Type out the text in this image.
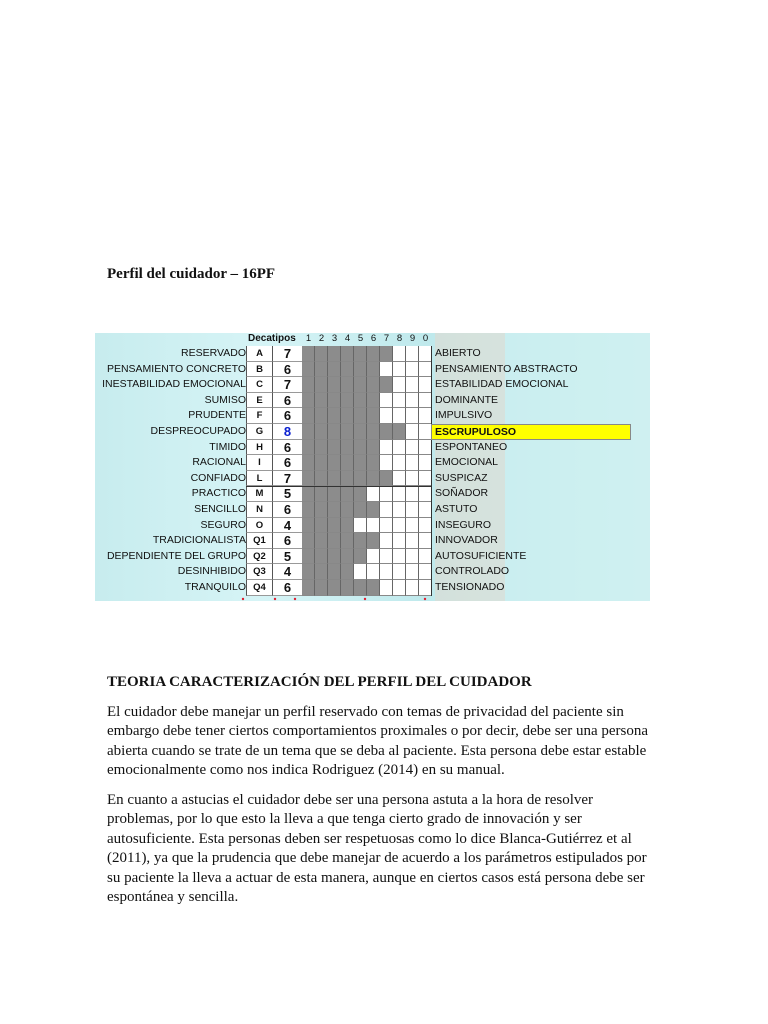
Perfil del cuidador – 16PF
Decatipos	1 2 3 4 5 6 7 8 9 0
RESERVADO	A	7	ABIERTO
PENSAMIENTO CONCRETO	B	6	PENSAMIENTO ABSTRACTO
INESTABILIDAD EMOCIONAL	C	7	ESTABILIDAD EMOCIONAL
SUMISO	E	6	DOMINANTE
PRUDENTE	F	6	IMPULSIVO
DESPREOCUPADO	G	8	ESCRUPULOSO
TIMIDO	H	6	ESPONTANEO
RACIONAL	I	6	EMOCIONAL
CONFIADO	L	7	SUSPICAZ
PRACTICO	M	5	SOÑADOR
SENCILLO	N	6	ASTUTO
SEGURO	O	4	INSEGURO
TRADICIONALISTA Q1	6	INNOVADOR
DEPENDIENTE DEL GRUPO Q2	5	AUTOSUFICIENTE
DESINHIBIDO Q3	4	CONTROLADO
TRANQUILO Q4	6	TENSIONADO
TEORIA CARACTERIZACIÓN DEL PERFIL DEL CUIDADOR

El cuidador debe manejar un perfil reservado con temas de privacidad del paciente sin embargo debe tener ciertos comportamientos proximales o por decir, debe ser una persona abierta cuando se trate de un tema que se deba al paciente. Esta persona debe estar estable emocionalmente como nos indica Rodriguez (2014) en su manual.

En cuanto a astucias el cuidador debe ser una persona astuta a la hora de resolver problemas, por lo que esto la lleva a que tenga cierto grado de innovación y ser autosuficiente. Esta personas deben ser respetuosas como lo dice Blanca-Gutiérrez et al (2011), ya que la prudencia que debe manejar de acuerdo a los parámetros estipulados por su paciente la lleva a actuar de esta manera, aunque en ciertos casos está persona debe ser espontánea y sencilla.
